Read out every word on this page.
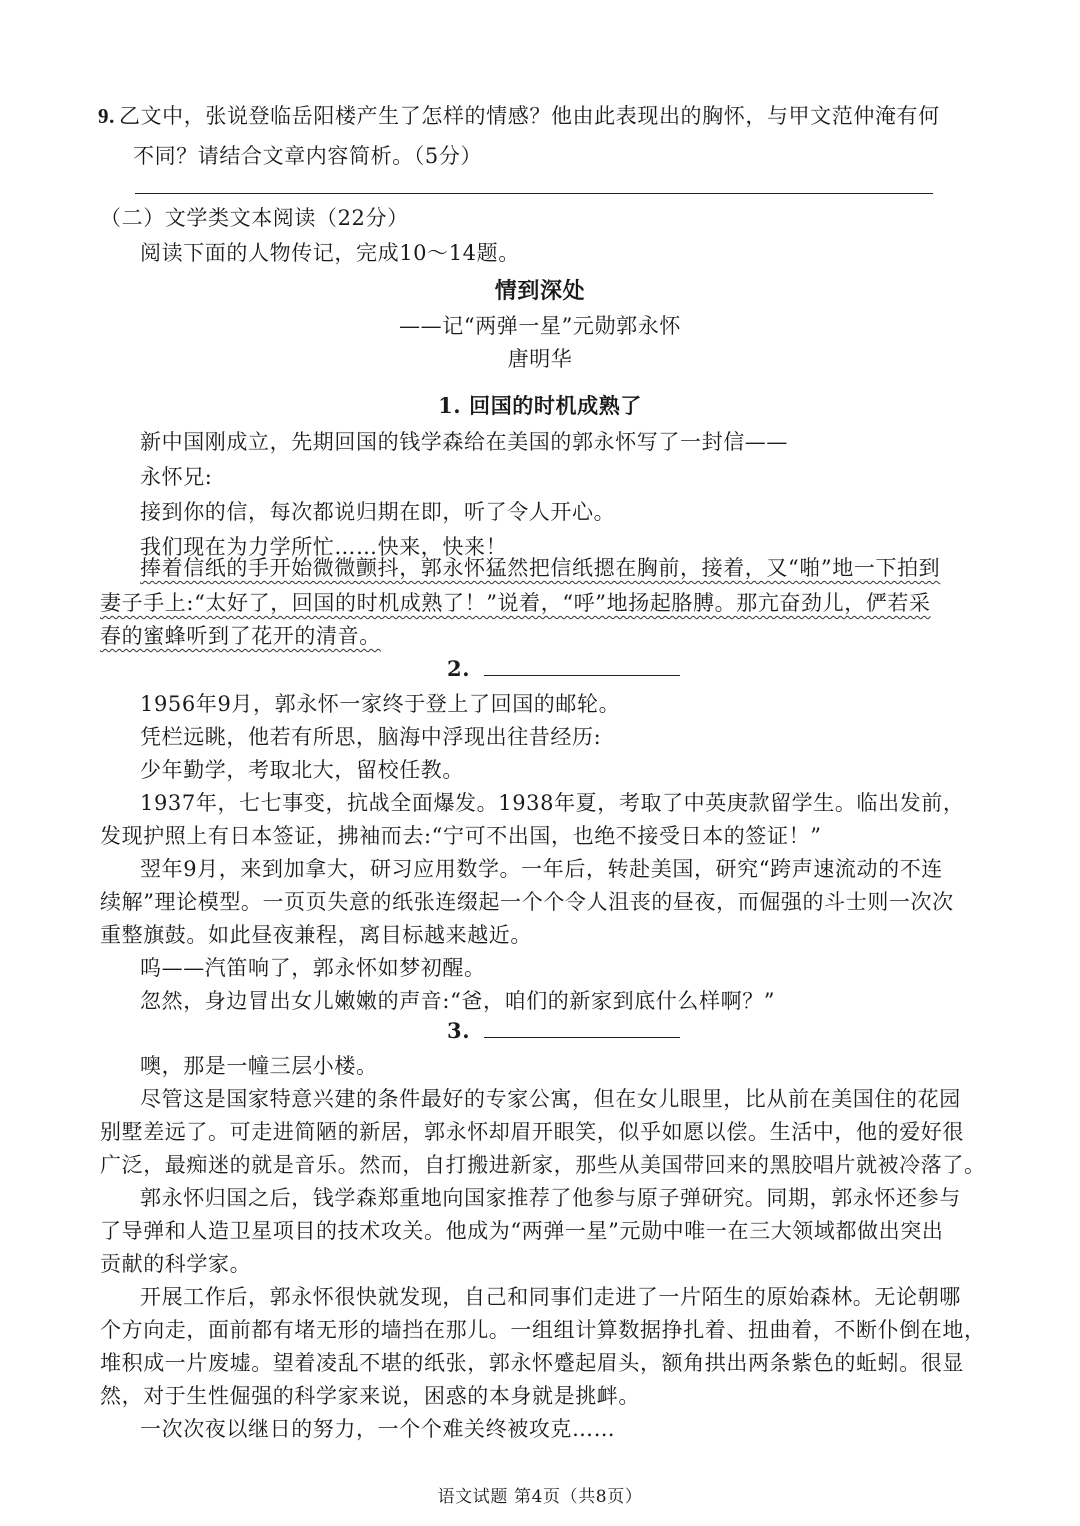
9. 乙文中，张说登临岳阳楼产生了怎样的情感？他由此表现出的胸怀，与甲文范仲淹有何
不同？请结合文章内容简析。（5分）
（二）文学类文本阅读（22分）
阅读下面的人物传记，完成10～14题。
情到深处
——记“两弹一星”元勋郭永怀
唐明华
1. 回国的时机成熟了
新中国刚成立，先期回国的钱学森给在美国的郭永怀写了一封信——
永怀兄:
接到你的信，每次都说归期在即，听了令人开心。
我们现在为力学所忙……快来，快来！
捧着信纸的手开始微微颤抖，郭永怀猛然把信纸摁在胸前，接着，又“啪”地一下拍到
妻子手上:“太好了，回国的时机成熟了！”说着，“呼”地扬起胳膊。那亢奋劲儿，俨若采
春的蜜蜂听到了花开的清音。
2.
1956年9月，郭永怀一家终于登上了回国的邮轮。
凭栏远眺，他若有所思，脑海中浮现出往昔经历:
少年勤学，考取北大，留校任教。
1937年，七七事变，抗战全面爆发。1938年夏，考取了中英庚款留学生。临出发前，
发现护照上有日本签证，拂袖而去:“宁可不出国，也绝不接受日本的签证！”
翌年9月，来到加拿大，研习应用数学。一年后，转赴美国，研究“跨声速流动的不连
续解”理论模型。一页页失意的纸张连缀起一个个令人沮丧的昼夜，而倔强的斗士则一次次
重整旗鼓。如此昼夜兼程，离目标越来越近。
呜——汽笛响了，郭永怀如梦初醒。
忽然，身边冒出女儿嫩嫩的声音:“爸，咱们的新家到底什么样啊？”
3.
噢，那是一幢三层小楼。
尽管这是国家特意兴建的条件最好的专家公寓，但在女儿眼里，比从前在美国住的花园
别墅差远了。可走进简陋的新居，郭永怀却眉开眼笑，似乎如愿以偿。生活中，他的爱好很
广泛，最痴迷的就是音乐。然而，自打搬进新家，那些从美国带回来的黑胶唱片就被冷落了。
郭永怀归国之后，钱学森郑重地向国家推荐了他参与原子弹研究。同期，郭永怀还参与
了导弹和人造卫星项目的技术攻关。他成为“两弹一星”元勋中唯一在三大领域都做出突出
贡献的科学家。
开展工作后，郭永怀很快就发现，自己和同事们走进了一片陌生的原始森林。无论朝哪
个方向走，面前都有堵无形的墙挡在那儿。一组组计算数据挣扎着、扭曲着，不断仆倒在地，
堆积成一片废墟。望着凌乱不堪的纸张，郭永怀蹙起眉头，额角拱出两条紫色的蚯蚓。很显
然，对于生性倔强的科学家来说，困惑的本身就是挑衅。
一次次夜以继日的努力，一个个难关终被攻克……
语文试题 第4页（共8页）
